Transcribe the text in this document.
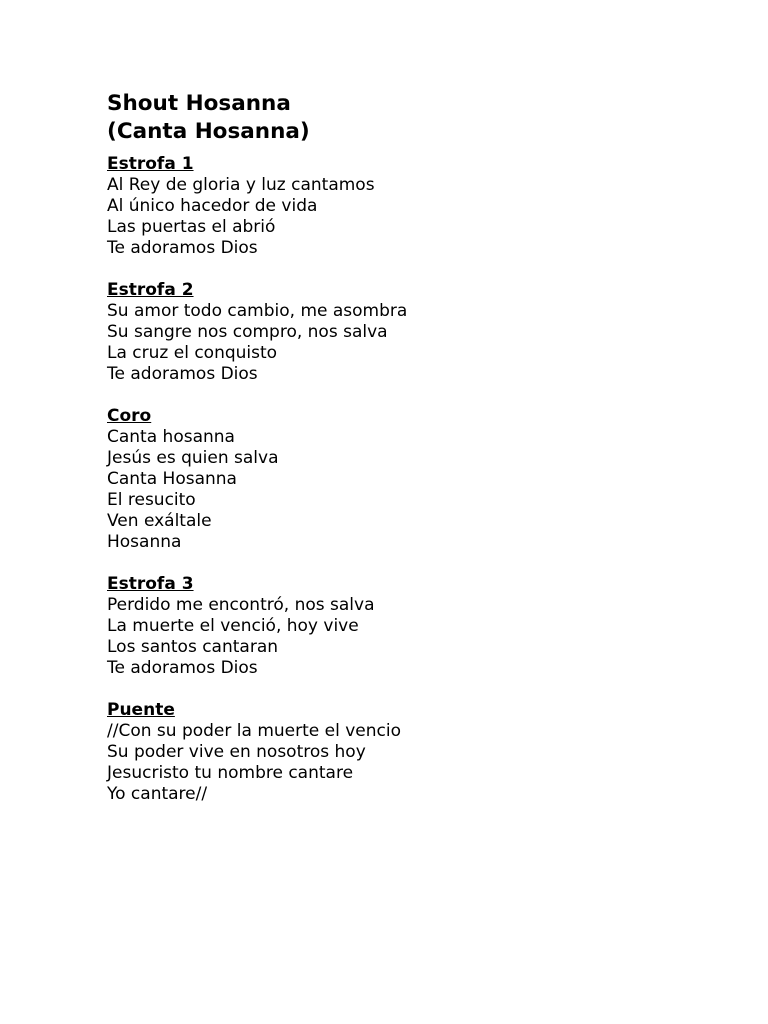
Shout Hosanna
(Canta Hosanna)
Estrofa 1
Al Rey de gloria y luz cantamos
Al único hacedor de vida
Las puertas el abrió
Te adoramos Dios
Estrofa 2
Su amor todo cambio, me asombra
Su sangre nos compro, nos salva
La cruz el conquisto
Te adoramos Dios
Coro
Canta hosanna
Jesús es quien salva
Canta Hosanna
El resucito
Ven exáltale
Hosanna
Estrofa 3
Perdido me encontró, nos salva
La muerte el venció, hoy vive
Los santos cantaran
Te adoramos Dios
Puente
//Con su poder la muerte el vencio
Su poder vive en nosotros hoy
Jesucristo tu nombre cantare
Yo cantare//
